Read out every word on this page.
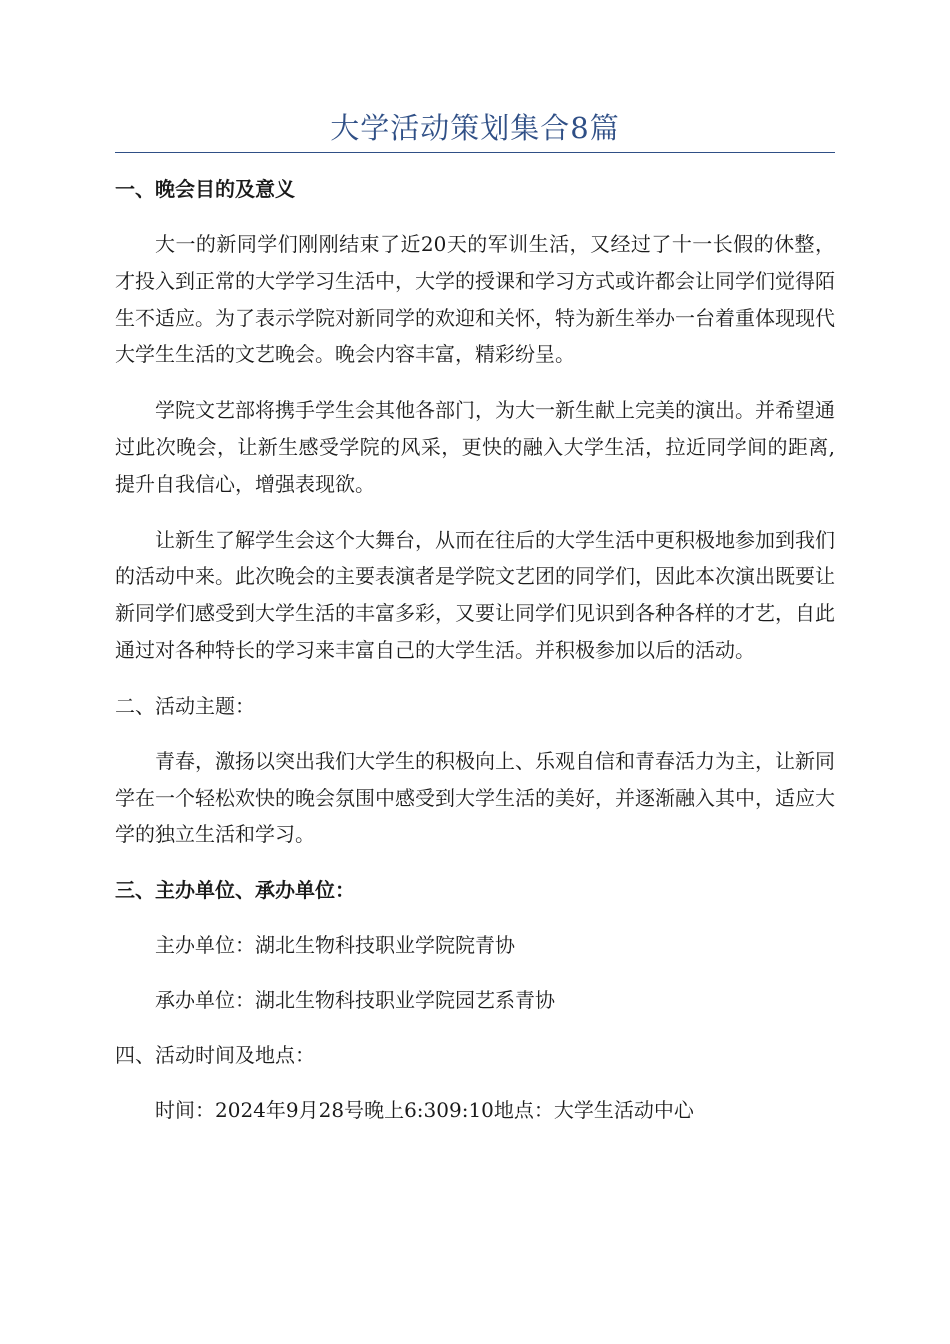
大学活动策划集合8篇
一、晚会目的及意义

大一的新同学们刚刚结束了近20天的军训生活，又经过了十一长假的休整，才投入到正常的大学学习生活中，大学的授课和学习方式或许都会让同学们觉得陌生不适应。为了表示学院对新同学的欢迎和关怀，特为新生举办一台着重体现现代大学生生活的文艺晚会。晚会内容丰富，精彩纷呈。

学院文艺部将携手学生会其他各部门，为大一新生献上完美的演出。并希望通过此次晚会，让新生感受学院的风采，更快的融入大学生活，拉近同学间的距离,提升自我信心，增强表现欲。

让新生了解学生会这个大舞台，从而在往后的大学生活中更积极地参加到我们的活动中来。此次晚会的主要表演者是学院文艺团的同学们，因此本次演出既要让新同学们感受到大学生活的丰富多彩，又要让同学们见识到各种各样的才艺，自此通过对各种特长的学习来丰富自己的大学生活。并积极参加以后的活动。

二、活动主题：

青春，激扬以突出我们大学生的积极向上、乐观自信和青春活力为主，让新同学在一个轻松欢快的晚会氛围中感受到大学生活的美好，并逐渐融入其中，适应大学的独立生活和学习。

三、主办单位、承办单位：
主办单位：湖北生物科技职业学院院青协
承办单位：湖北生物科技职业学院园艺系青协
四、活动时间及地点：
时间：2024年9月28号晚上6:309:10地点：大学生活动中心
